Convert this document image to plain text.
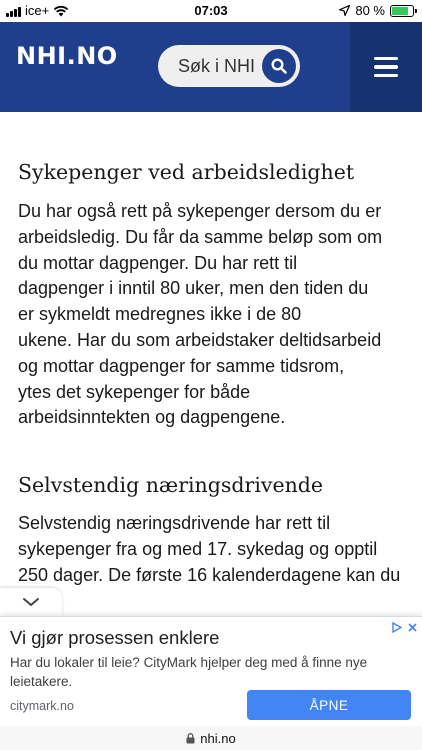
ice+	07:03	80 %
NHI.NO
Søk i NHI
Sykepenger ved arbeidsledighet
Du har også rett på sykepenger dersom du er
arbeidsledig. Du får da samme beløp som om
du mottar dagpenger. Du har rett til
dagpenger i inntil 80 uker, men den tiden du
er sykmeldt medregnes ikke i de 80
ukene. Har du som arbeidstaker deltidsarbeid
og mottar dagpenger for samme tidsrom,
ytes det sykepenger for både
arbeidsinntekten og dagpengene.
Selvstendig næringsdrivende
Selvstendig næringsdrivende har rett til
sykepenger fra og med 17. sykedag og opptil
250 dager. De første 16 kalenderdagene kan du
Vi gjør prosessen enklere
Har du lokaler til leie? CityMark hjelper deg med å finne nye leietakere.
citymark.no	ÅPNE
nhi.no
